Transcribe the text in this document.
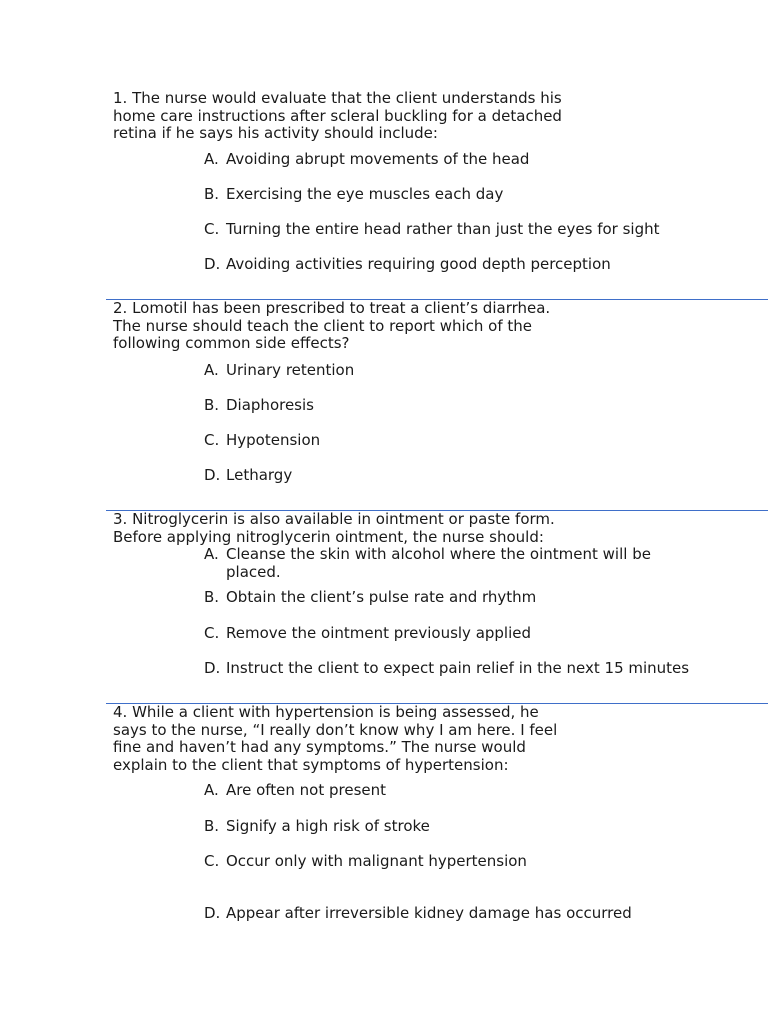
1. The nurse would evaluate that the client understands his
home care instructions after scleral buckling for a detached
retina if he says his activity should include:
A. Avoiding abrupt movements of the head
B. Exercising the eye muscles each day
C. Turning the entire head rather than just the eyes for sight
D. Avoiding activities requiring good depth perception
2. Lomotil has been prescribed to treat a client’s diarrhea.
The nurse should teach the client to report which of the
following common side effects?
A. Urinary retention
B. Diaphoresis
C. Hypotension
D. Lethargy
3. Nitroglycerin is also available in ointment or paste form.
Before applying nitroglycerin ointment, the nurse should:
A. Cleanse the skin with alcohol where the ointment will be
placed.
B. Obtain the client’s pulse rate and rhythm
C. Remove the ointment previously applied
D. Instruct the client to expect pain relief in the next 15 minutes
4. While a client with hypertension is being assessed, he
says to the nurse, “I really don’t know why I am here. I feel
fine and haven’t had any symptoms.” The nurse would
explain to the client that symptoms of hypertension:
A. Are often not present
B. Signify a high risk of stroke
C. Occur only with malignant hypertension
D. Appear after irreversible kidney damage has occurred
